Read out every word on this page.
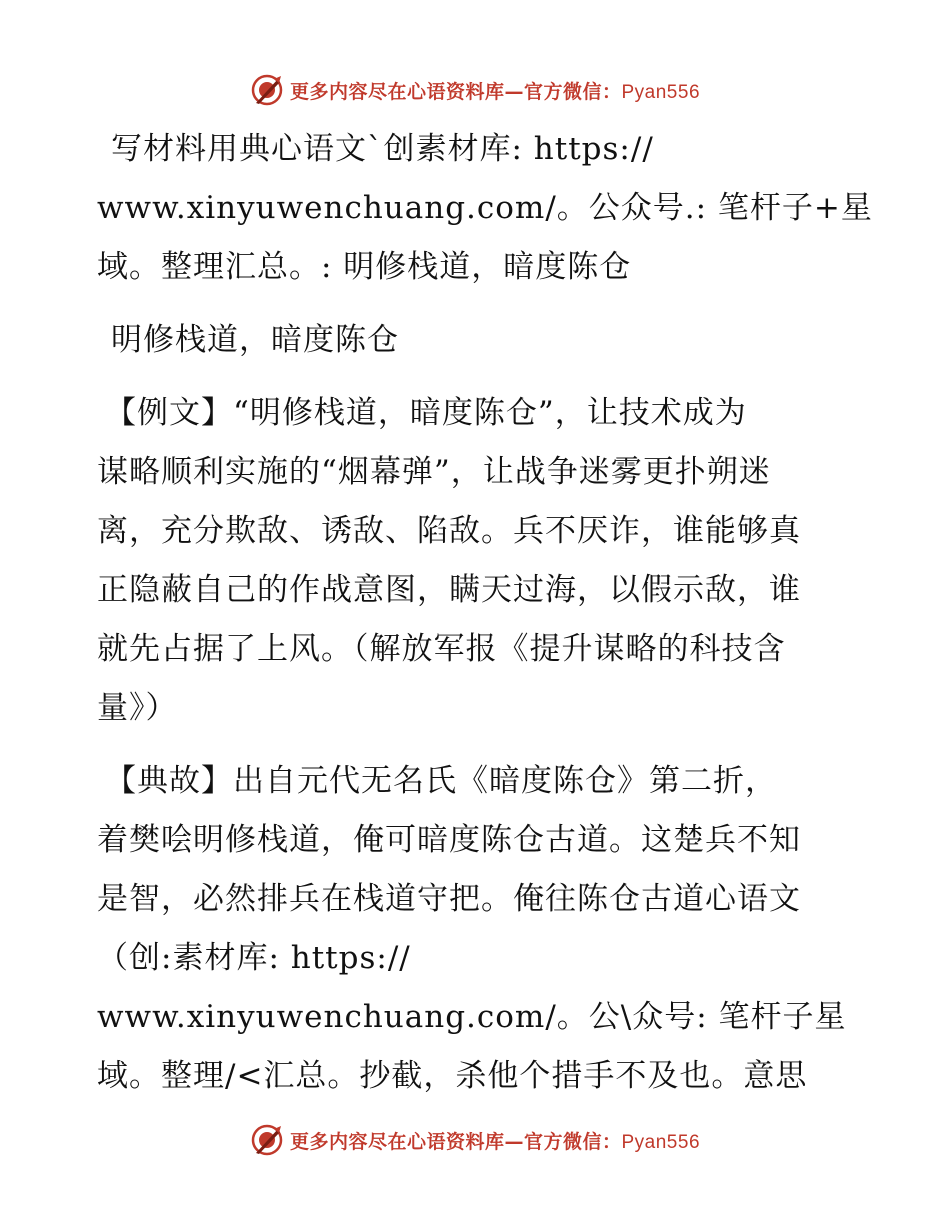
更多内容尽在心语资料库—官方微信：Pyan556
写材料用典心语文`创素材库: https://
www.xinyuwenchuang.com/。公众号.: 笔杆子+星
域。整理汇总。: 明修栈道，暗度陈仓
明修栈道，暗度陈仓
【例文】“明修栈道，暗度陈仓”，让技术成为
谋略顺利实施的“烟幕弹”，让战争迷雾更扑朔迷
离，充分欺敌、诱敌、陷敌。兵不厌诈，谁能够真
正隐蔽自己的作战意图，瞒天过海，以假示敌，谁
就先占据了上风。（解放军报《提升谋略的科技含
量》）
【典故】出自元代无名氏《暗度陈仓》第二折，
着樊哙明修栈道，俺可暗度陈仓古道。这楚兵不知
是智，必然排兵在栈道守把。俺往陈仓古道心语文
（创:素材库: https://
www.xinyuwenchuang.com/。公\众号: 笔杆子星
域。整理/<汇总。抄截，杀他个措手不及也。意思
更多内容尽在心语资料库—官方微信：Pyan556
